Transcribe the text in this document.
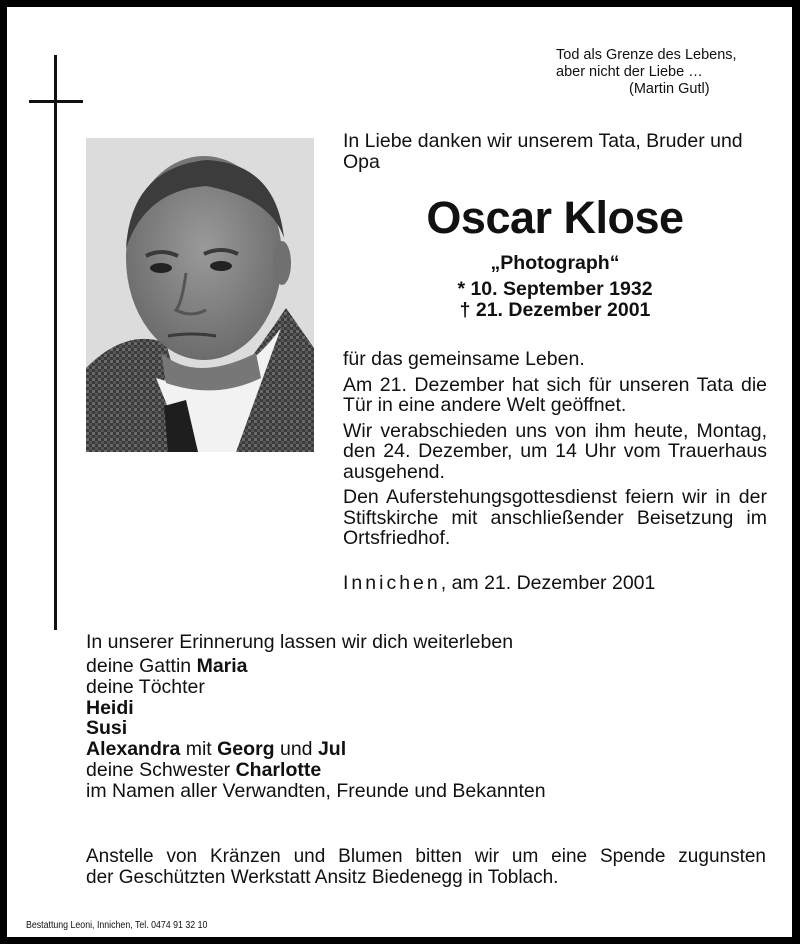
Tod als Grenze des Lebens,
aber nicht der Liebe …
(Martin Gutl)
In Liebe danken wir unserem Tata, Bruder und Opa
Oscar Klose
„Photograph“
* 10. September 1932
† 21. Dezember 2001

für das gemeinsame Leben.

Am 21. Dezember hat sich für unseren Tata die Tür in eine andere Welt geöffnet.

Wir verabschieden uns von ihm heute, Montag, den 24. Dezember, um 14 Uhr vom Trauerhaus ausgehend.

Den Auferstehungsgottesdienst feiern wir in der Stiftskirche mit anschließender Beisetzung im Ortsfriedhof.

Innichen, am 21. Dezember 2001
In unserer Erinnerung lassen wir dich weiterleben
deine Gattin Maria
deine Töchter
Heidi
Susi
Alexandra mit Georg und Jul
deine Schwester Charlotte
im Namen aller Verwandten, Freunde und Bekannten
Anstelle von Kränzen und Blumen bitten wir um eine Spende zugunsten
der Geschützten Werkstatt Ansitz Biedenegg in Toblach.
Bestattung Leoni, Innichen, Tel. 0474 91 32 10
